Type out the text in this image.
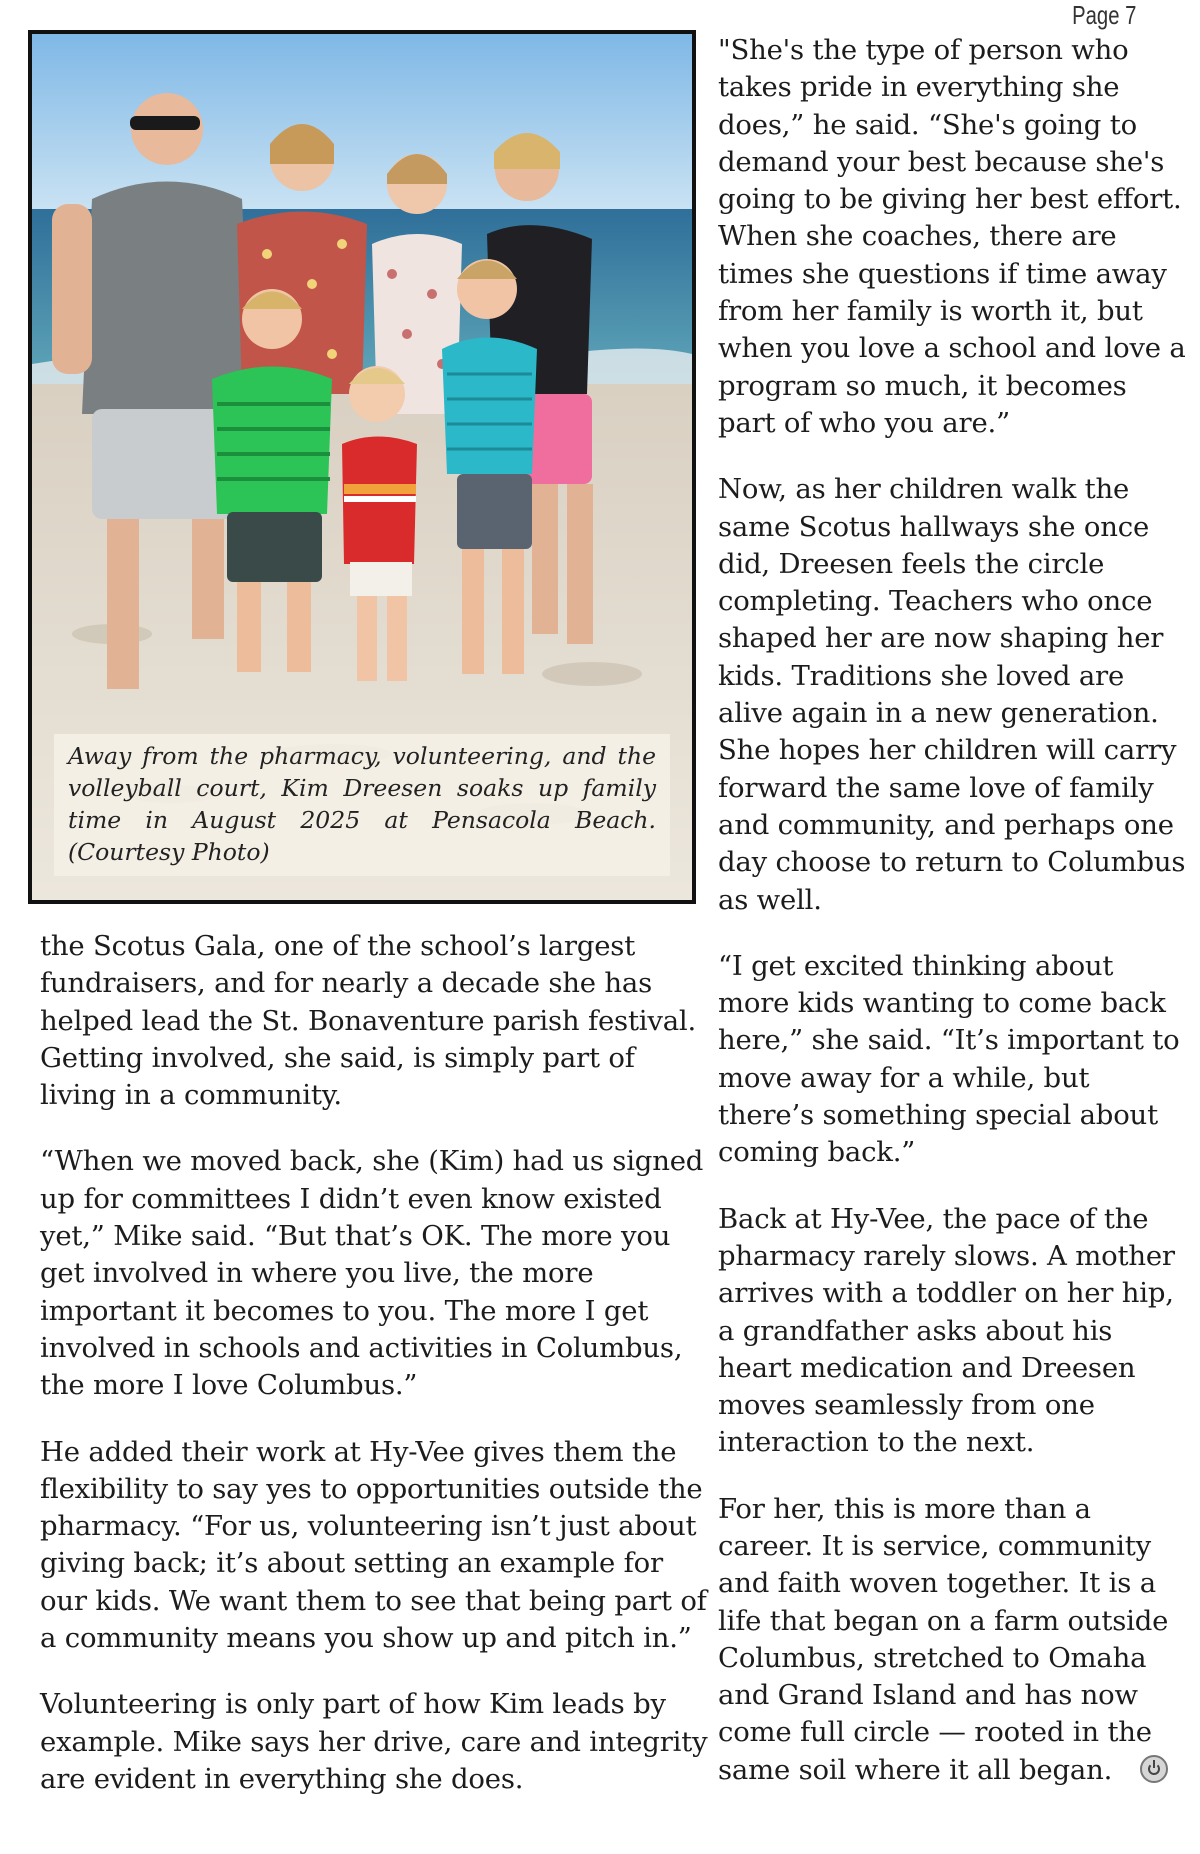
Page 7
Away from the pharmacy, volunteering, and the volleyball court, Kim Dreesen soaks up family time in August 2025 at Pensacola Beach. (Courtesy Photo)

"She's the type of person who takes pride in everything she does,” he said. “She's going to demand your best because she's going to be giving her best effort. When she coaches, there are times she questions if time away from her family is worth it, but when you love a school and love a program so much, it becomes part of who you are.”

Now, as her children walk the same Scotus hallways she once did, Dreesen feels the circle completing. Teachers who once shaped her are now shaping her kids. Traditions she loved are alive again in a new generation. She hopes her children will carry forward the same love of family and community, and perhaps one day choose to return to Columbus as well.

“I get excited thinking about more kids wanting to come back here,” she said. “It’s important to move away for a while, but there’s something special about coming back.”

Back at Hy-Vee, the pace of the pharmacy rarely slows. A mother arrives with a toddler on her hip, a grandfather asks about his heart medication and Dreesen moves seamlessly from one interaction to the next.

For her, this is more than a career. It is service, community and faith woven together. It is a life that began on a farm outside Columbus, stretched to Omaha and Grand Island and has now come full circle — rooted in the same soil where it all began.

the Scotus Gala, one of the school’s largest fundraisers, and for nearly a decade she has helped lead the St. Bonaventure parish festival. Getting involved, she said, is simply part of living in a community.

“When we moved back, she (Kim) had us signed up for committees I didn’t even know existed yet,” Mike said. “But that’s OK. The more you get involved in where you live, the more important it becomes to you. The more I get involved in schools and activities in Columbus, the more I love Columbus.”

He added their work at Hy-Vee gives them the flexibility to say yes to opportunities outside the pharmacy. “For us, volunteering isn’t just about giving back; it’s about setting an example for our kids. We want them to see that being part of a community means you show up and pitch in.”

Volunteering is only part of how Kim leads by example. Mike says her drive, care and integrity are evident in everything she does.
